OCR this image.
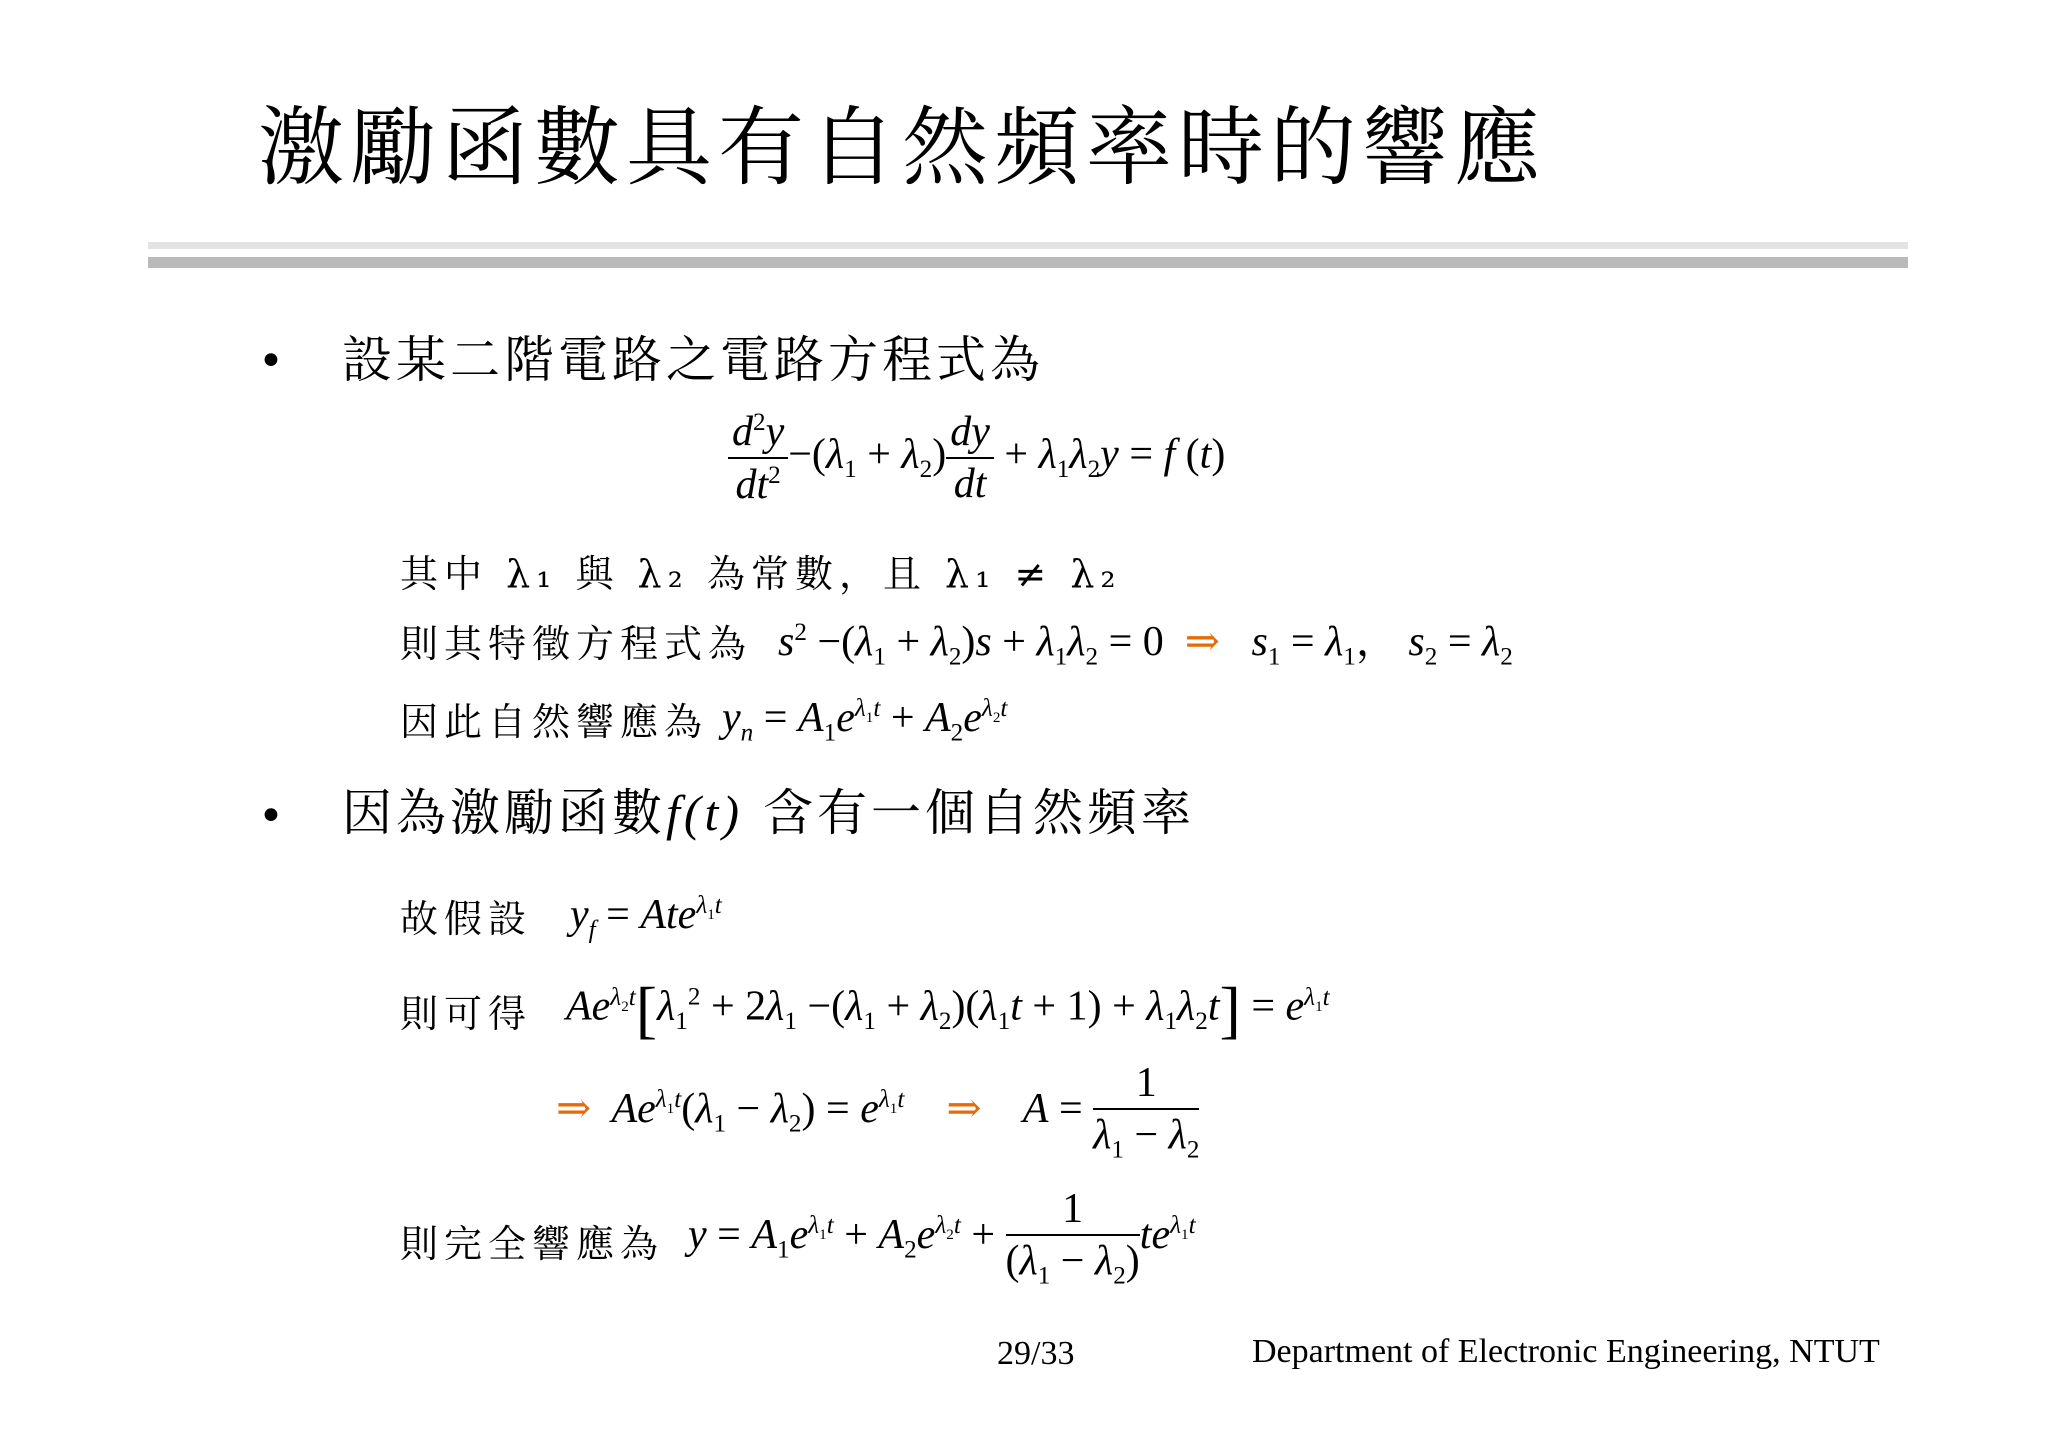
激勵函數具有自然頻率時的響應
• 設某二階電路之電路方程式為
$\frac{d^2y}{dt^2} -(\lambda_1 + \lambda_2) \frac{dy}{dt} + \lambda_1\lambda_2y = f$ (t)
其中 λ₁ 與 λ₂ 為常數，且 λ₁ ≠ λ₂
則其特徵方程式為 $s^2 -(\lambda_1 + \lambda_2)s + \lambda_1\lambda_2 = 0$  ⇒   $s_1 = \lambda_1$， $s_2 = \lambda_2$
因此自然響應為 $y_n = A_1e^{\lambda_1t} + A_2e^{\lambda_2t}$
• 因為激勵函數f(t) 含有一個自然頻率
故假設 $y_f = Ate^{\lambda_1t}$
則可得 $Ae^{\lambda_2t}[\lambda_1^2 + 2\lambda_1 -(\lambda_1 + \lambda_2)(\lambda_1t + 1) + \lambda_1\lambda_2t] = e^{\lambda_1t}$
⇒  $Ae^{\lambda_1t}(\lambda_1 - \lambda_2) = e^{\lambda_1t}$ ⇒    $A = \frac{1}{\lambda_1 - \lambda_2}$
則完全響應為 $y = A_1e^{\lambda_1t} + A_2e^{\lambda_2t} + \frac{1}{(\lambda_1 - \lambda_2)} te^{\lambda_1t}$
29/33	Department of Electronic Engineering, NTUT
